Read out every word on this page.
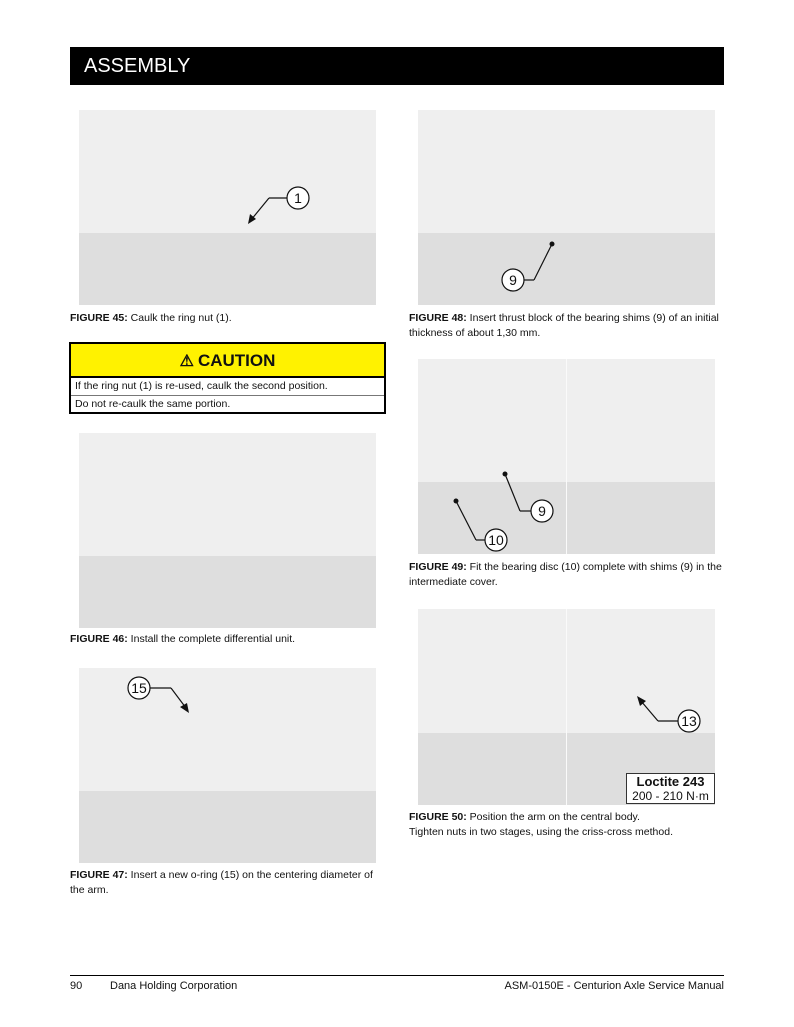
ASSEMBLY
1
FIGURE 45: Caulk the ring nut (1).
⚠ CAUTION
If the ring nut (1) is re-used, caulk the second position.
Do not re-caulk the same portion.
FIGURE 46: Install the complete differential unit.
15
FIGURE 47: Insert a new o-ring (15) on the centering diameter of the arm.
9
FIGURE 48: Insert thrust block of the bearing shims (9) of an initial thickness of about 1,30 mm.
9
10
FIGURE 49: Fit the bearing disc (10) complete with shims (9) in the intermediate cover.
13
Loctite 243
200 - 210 N·m
FIGURE 50: Position the arm on the central body.
Tighten nuts in two stages, using the criss-cross method.
90	Dana Holding Corporation	ASM-0150E - Centurion Axle Service Manual
